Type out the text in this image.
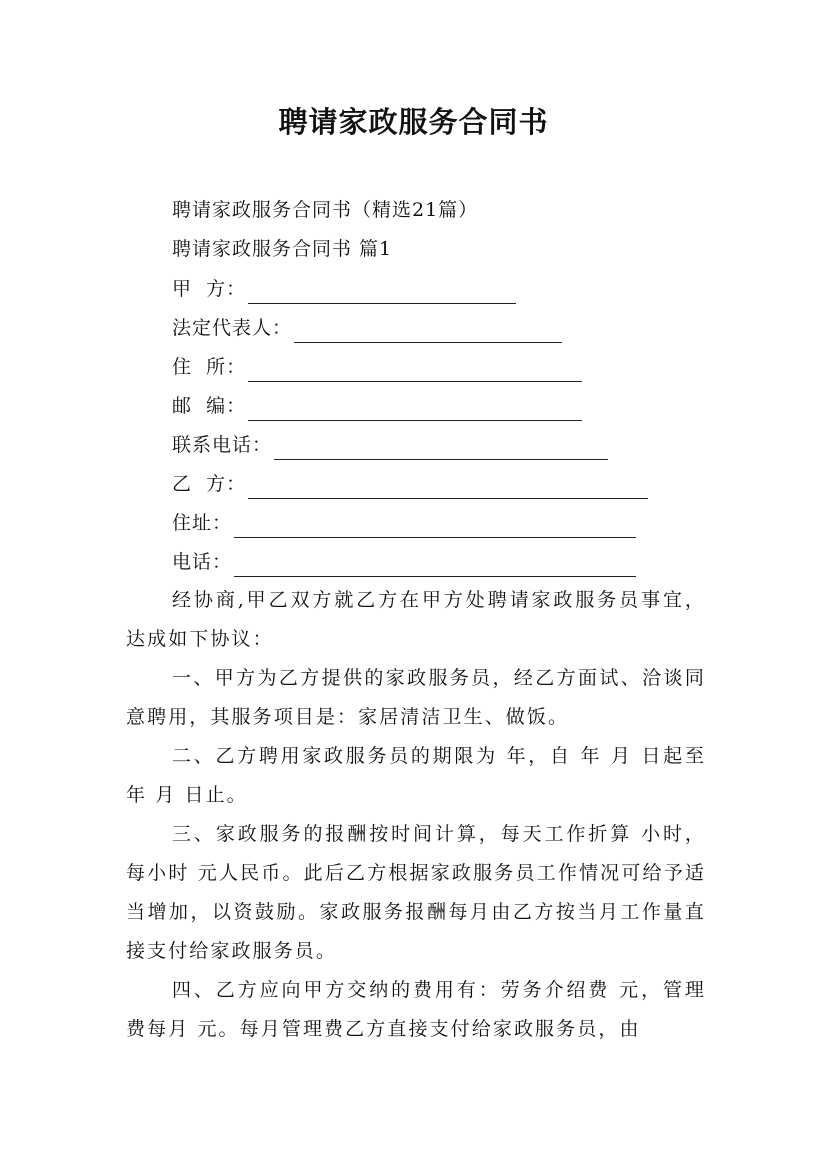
聘请家政服务合同书
聘请家政服务合同书（精选21篇）
聘请家政服务合同书 篇1
甲  方：
法定代表人：
住  所：
邮  编：
联系电话：
乙  方：
住址：
电话：

经协商,甲乙双方就乙方在甲方处聘请家政服务员事宜，达成如下协议：

一、甲方为乙方提供的家政服务员，经乙方面试、洽谈同意聘用，其服务项目是：家居清洁卫生、做饭。

二、乙方聘用家政服务员的期限为 年，自 年 月 日起至年 月 日止。

三、家政服务的报酬按时间计算，每天工作折算 小时，每小时 元人民币。此后乙方根据家政服务员工作情况可给予适当增加，以资鼓励。家政服务报酬每月由乙方按当月工作量直接支付给家政服务员。

四、乙方应向甲方交纳的费用有：劳务介绍费 元，管理费每月 元。每月管理费乙方直接支付给家政服务员，由
